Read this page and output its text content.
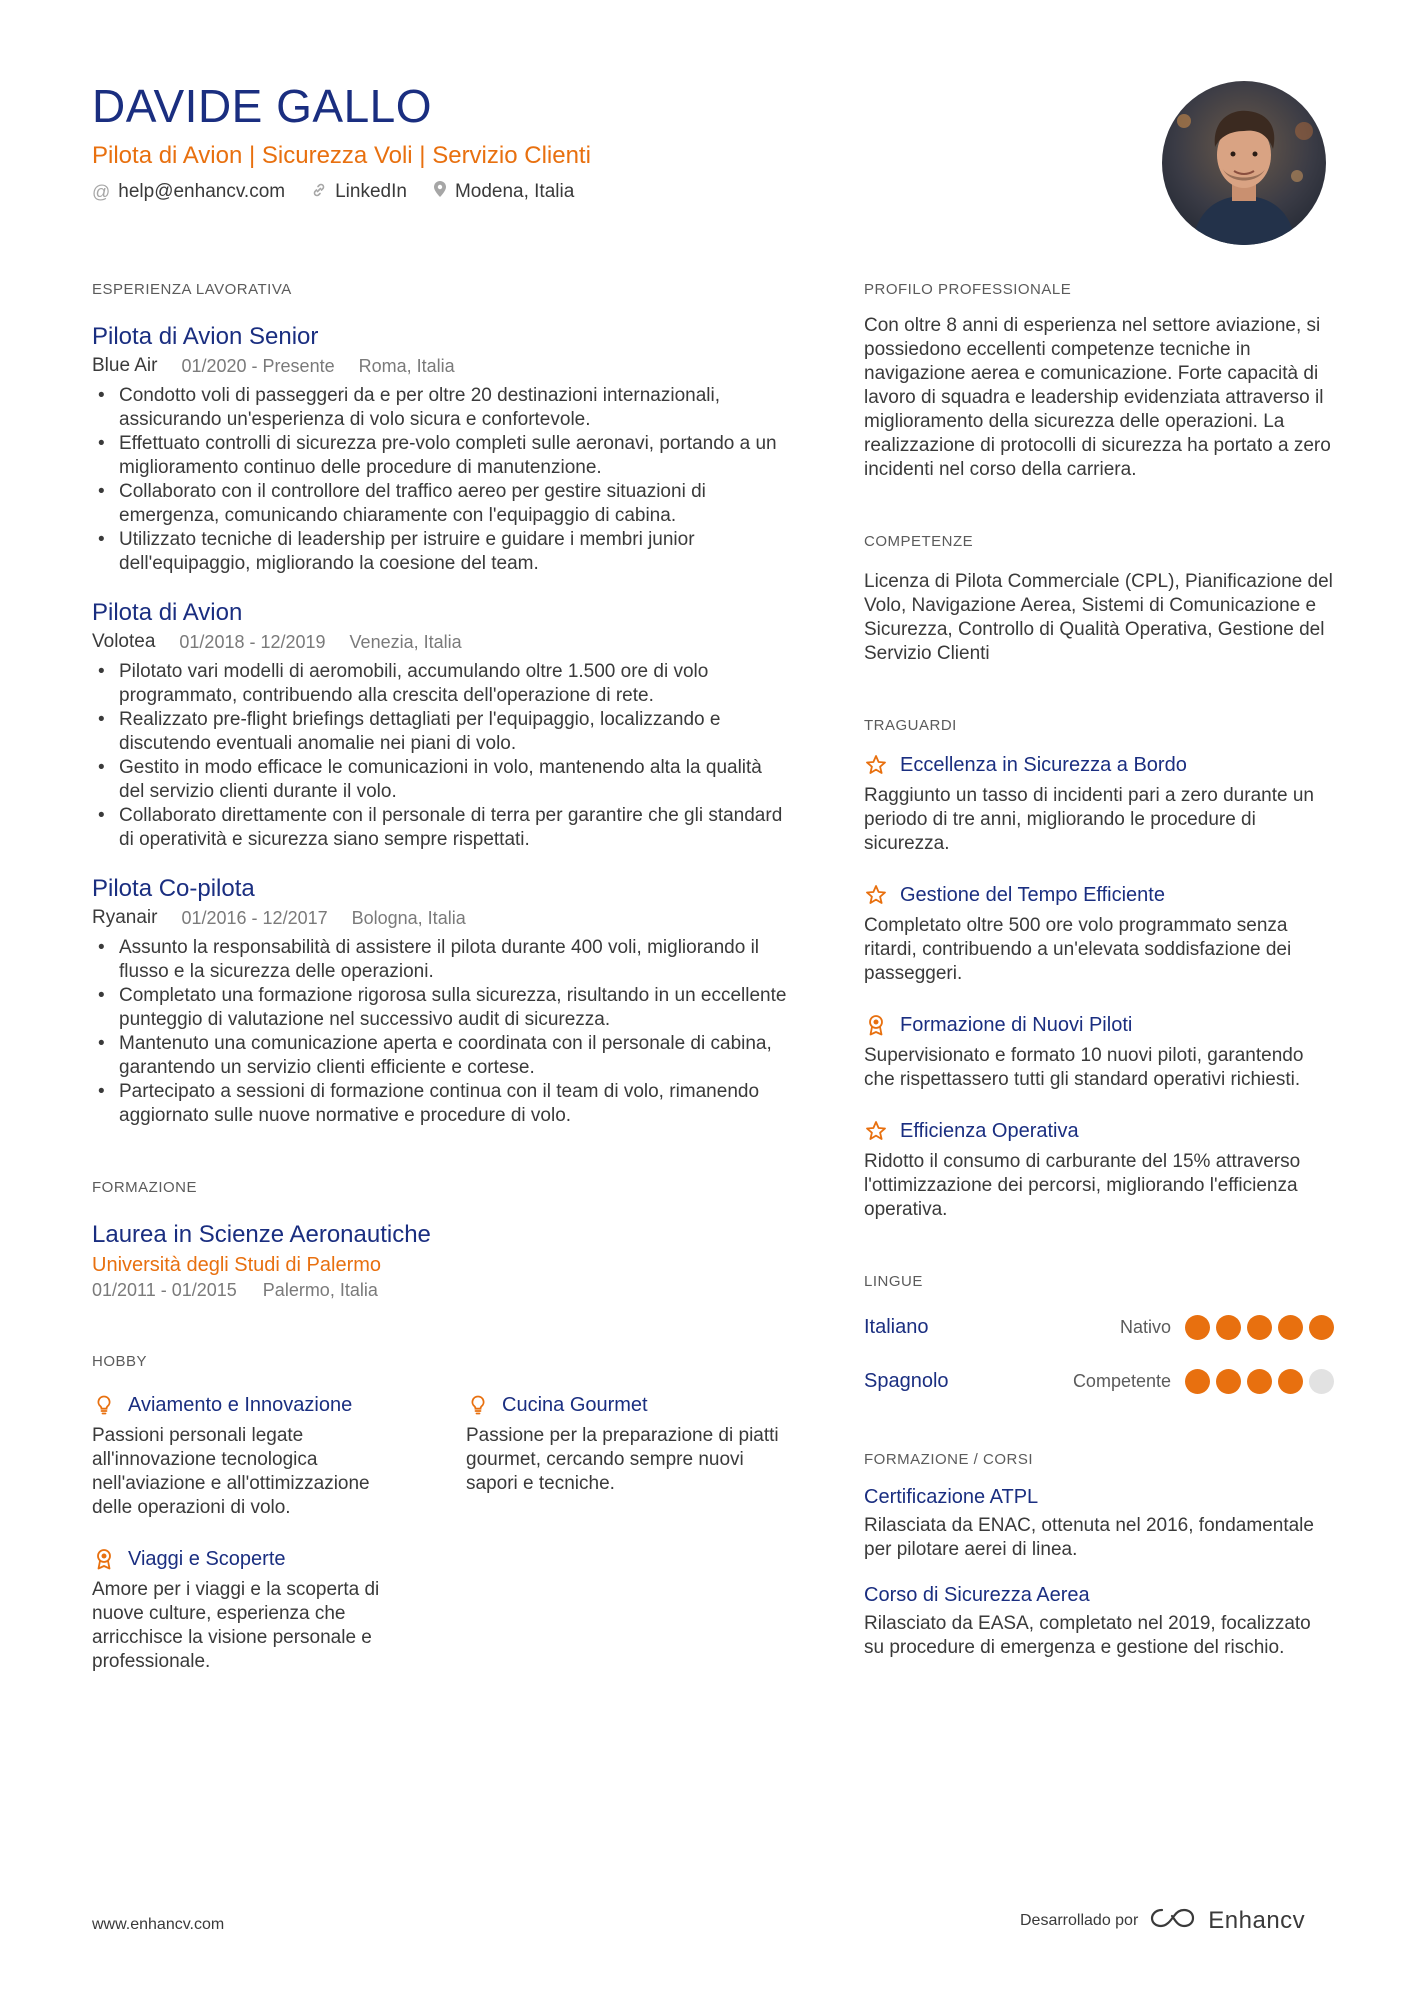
DAVIDE GALLO
Pilota di Avion | Sicurezza Voli | Servizio Clienti
@ help@enhancv.com	LinkedIn	Modena, Italia
ESPERIENZA LAVORATIVA
Pilota di Avion Senior
Blue Air 01/2020 - Presente Roma, Italia
• Condotto voli di passeggeri da e per oltre 20 destinazioni internazionali, assicurando un'esperienza di volo sicura e confortevole.
• Effettuato controlli di sicurezza pre-volo completi sulle aeronavi, portando a un miglioramento continuo delle procedure di manutenzione.
• Collaborato con il controllore del traffico aereo per gestire situazioni di emergenza, comunicando chiaramente con l'equipaggio di cabina.
• Utilizzato tecniche di leadership per istruire e guidare i membri junior dell'equipaggio, migliorando la coesione del team.
Pilota di Avion
Volotea 01/2018 - 12/2019 Venezia, Italia
• Pilotato vari modelli di aeromobili, accumulando oltre 1.500 ore di volo programmato, contribuendo alla crescita dell'operazione di rete.
• Realizzato pre-flight briefings dettagliati per l'equipaggio, localizzando e discutendo eventuali anomalie nei piani di volo.
• Gestito in modo efficace le comunicazioni in volo, mantenendo alta la qualità del servizio clienti durante il volo.
• Collaborato direttamente con il personale di terra per garantire che gli standard di operatività e sicurezza siano sempre rispettati.
Pilota Co-pilota
Ryanair 01/2016 - 12/2017 Bologna, Italia
• Assunto la responsabilità di assistere il pilota durante 400 voli, migliorando il flusso e la sicurezza delle operazioni.
• Completato una formazione rigorosa sulla sicurezza, risultando in un eccellente punteggio di valutazione nel successivo audit di sicurezza.
• Mantenuto una comunicazione aperta e coordinata con il personale di cabina, garantendo un servizio clienti efficiente e cortese.
• Partecipato a sessioni di formazione continua con il team di volo, rimanendo aggiornato sulle nuove normative e procedure di volo.
FORMAZIONE
Laurea in Scienze Aeronautiche
Università degli Studi di Palermo
01/2011 - 01/2015 Palermo, Italia
HOBBY
Aviamento e Innovazione
Passioni personali legate all'innovazione tecnologica nell'aviazione e all'ottimizzazione delle operazioni di volo.
Cucina Gourmet
Passione per la preparazione di piatti gourmet, cercando sempre nuovi sapori e tecniche.
Viaggi e Scoperte
Amore per i viaggi e la scoperta di nuove culture, esperienza che arricchisce la visione personale e professionale.
PROFILO PROFESSIONALE
Con oltre 8 anni di esperienza nel settore aviazione, si possiedono eccellenti competenze tecniche in navigazione aerea e comunicazione. Forte capacità di lavoro di squadra e leadership evidenziata attraverso il miglioramento della sicurezza delle operazioni. La realizzazione di protocolli di sicurezza ha portato a zero incidenti nel corso della carriera.
COMPETENZE
Licenza di Pilota Commerciale (CPL), Pianificazione del Volo, Navigazione Aerea, Sistemi di Comunicazione e Sicurezza, Controllo di Qualità Operativa, Gestione del Servizio Clienti
TRAGUARDI
Eccellenza in Sicurezza a Bordo
Raggiunto un tasso di incidenti pari a zero durante un periodo di tre anni, migliorando le procedure di sicurezza.
Gestione del Tempo Efficiente
Completato oltre 500 ore volo programmato senza ritardi, contribuendo a un'elevata soddisfazione dei passeggeri.
Formazione di Nuovi Piloti
Supervisionato e formato 10 nuovi piloti, garantendo che rispettassero tutti gli standard operativi richiesti.
Efficienza Operativa
Ridotto il consumo di carburante del 15% attraverso l'ottimizzazione dei percorsi, migliorando l'efficienza operativa.
LINGUE
Italiano	Nativo
Spagnolo	Competente
FORMAZIONE / CORSI
Certificazione ATPL
Rilasciata da ENAC, ottenuta nel 2016, fondamentale per pilotare aerei di linea.
Corso di Sicurezza Aerea
Rilasciato da EASA, completato nel 2019, focalizzato su procedure di emergenza e gestione del rischio.
www.enhancv.com	Desarrollado por	Enhancv
